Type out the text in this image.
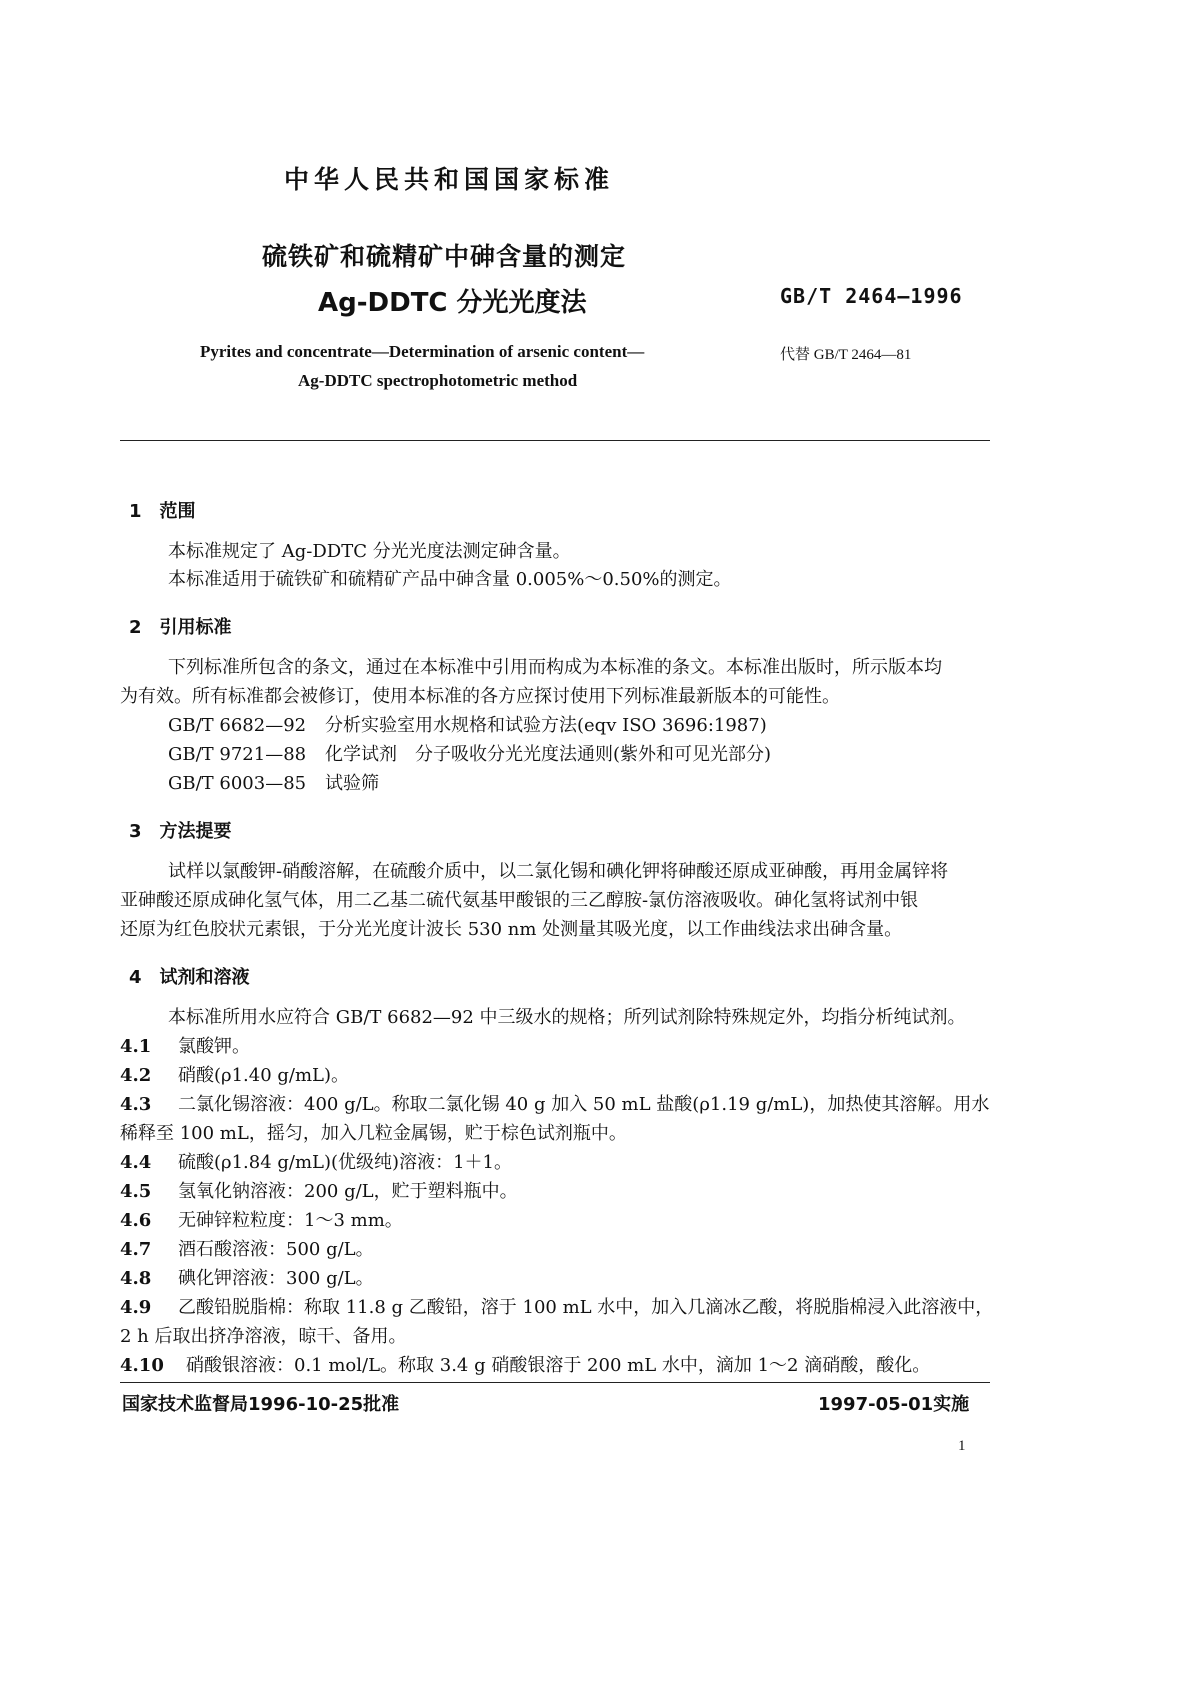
中华人民共和国国家标准
硫铁矿和硫精矿中砷含量的测定
Ag-DDTC 分光光度法	GB/T 2464—1996
Pyrites and concentrate—Determination of arsenic content—
Ag-DDTC spectrophotometric method
代替 GB/T 2464—81
1　范围
本标准规定了 Ag-DDTC 分光光度法测定砷含量。
本标准适用于硫铁矿和硫精矿产品中砷含量 0.005%～0.50%的测定。
2　引用标准
下列标准所包含的条文，通过在本标准中引用而构成为本标准的条文。本标准出版时，所示版本均
为有效。所有标准都会被修订，使用本标准的各方应探讨使用下列标准最新版本的可能性。
GB/T 6682—92 分析实验室用水规格和试验方法(eqv ISO 3696:1987)
GB/T 9721—88 化学试剂　分子吸收分光光度法通则(紫外和可见光部分)
GB/T 6003—85 试验筛
3　方法提要
试样以氯酸钾-硝酸溶解，在硫酸介质中，以二氯化锡和碘化钾将砷酸还原成亚砷酸，再用金属锌将
亚砷酸还原成砷化氢气体，用二乙基二硫代氨基甲酸银的三乙醇胺-氯仿溶液吸收。砷化氢将试剂中银
还原为红色胶状元素银，于分光光度计波长 530 nm 处测量其吸光度，以工作曲线法求出砷含量。
4　试剂和溶液
本标准所用水应符合 GB/T 6682—92 中三级水的规格；所列试剂除特殊规定外，均指分析纯试剂。
4.1 氯酸钾。
4.2 硝酸(ρ1.40 g/mL)。
4.3 二氯化锡溶液：400 g/L。称取二氯化锡 40 g 加入 50 mL 盐酸(ρ1.19 g/mL)，加热使其溶解。用水
稀释至 100 mL，摇匀，加入几粒金属锡，贮于棕色试剂瓶中。
4.4 硫酸(ρ1.84 g/mL)(优级纯)溶液：1＋1。
4.5 氢氧化钠溶液：200 g/L，贮于塑料瓶中。
4.6 无砷锌粒粒度：1～3 mm。
4.7 酒石酸溶液：500 g/L。
4.8 碘化钾溶液：300 g/L。
4.9 乙酸铅脱脂棉：称取 11.8 g 乙酸铅，溶于 100 mL 水中，加入几滴冰乙酸，将脱脂棉浸入此溶液中，
2 h 后取出挤净溶液，晾干、备用。
4.10 硝酸银溶液：0.1 mol/L。称取 3.4 g 硝酸银溶于 200 mL 水中，滴加 1～2 滴硝酸，酸化。
国家技术监督局1996-10-25批准	1997-05-01实施
1
